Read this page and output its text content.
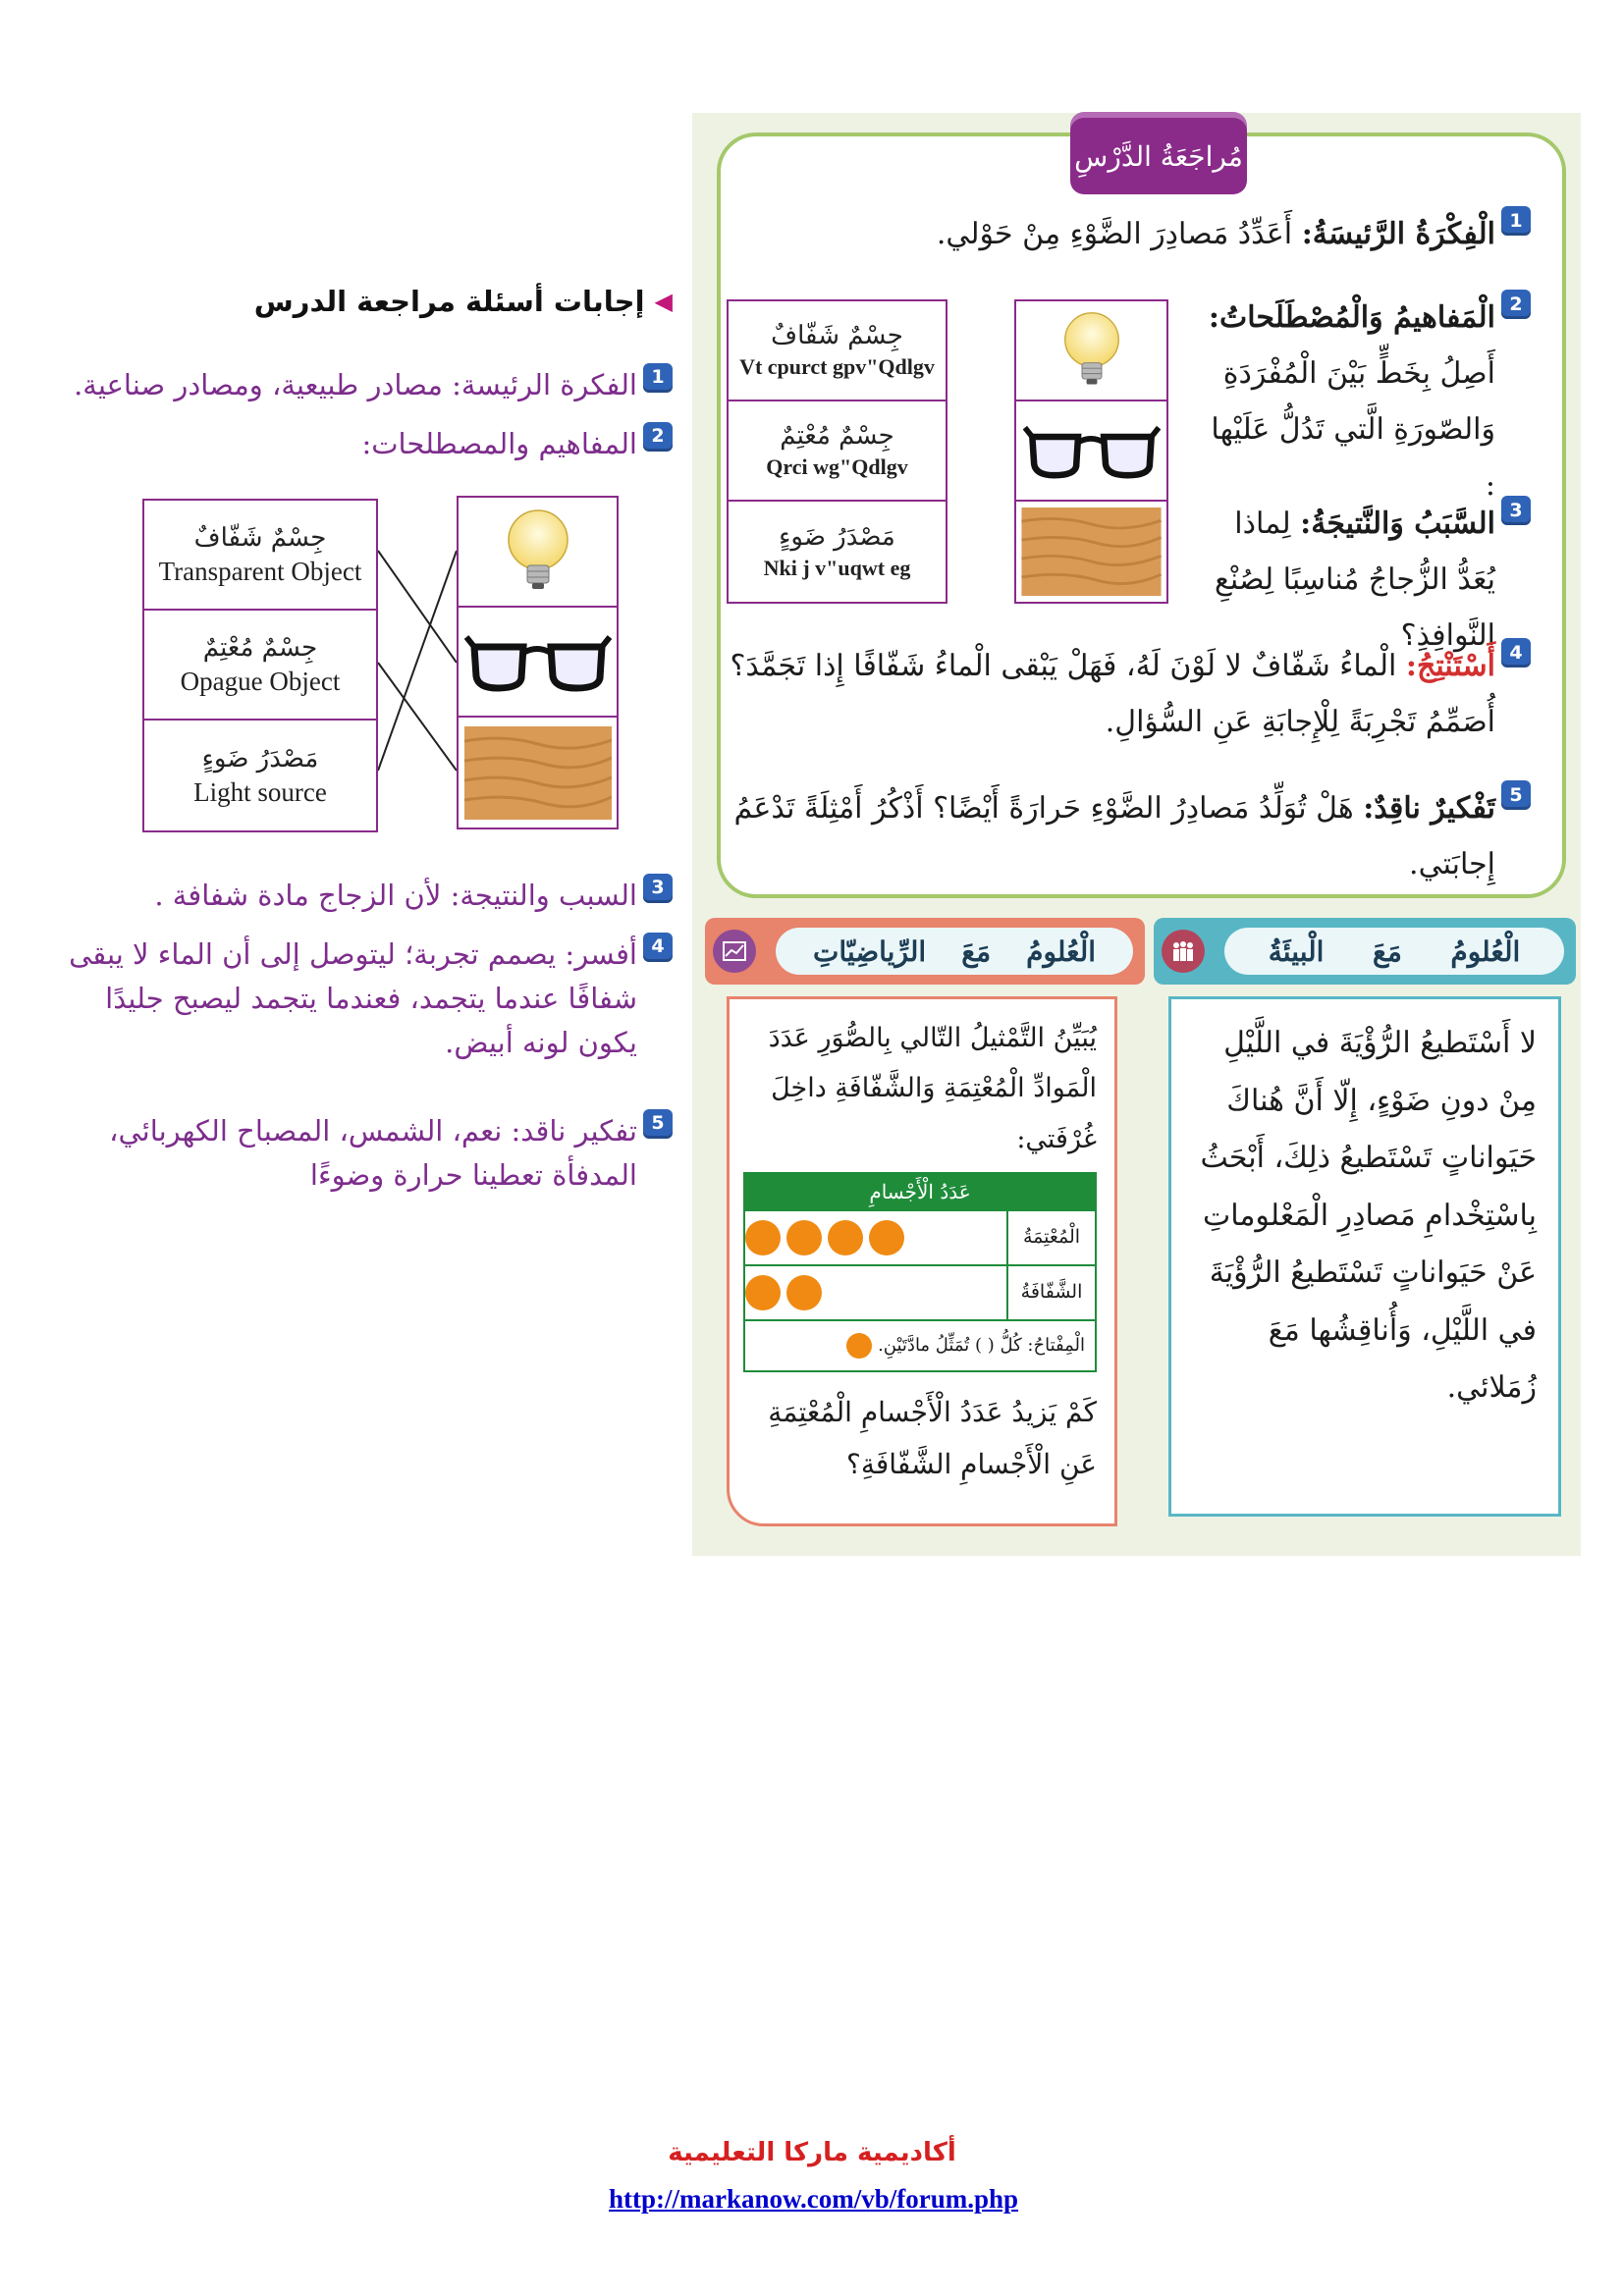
◀
إجابات أسئلة مراجعة الدرس
1
الفكرة الرئيسة: مصادر طبيعية، ومصادر صناعية.
2
المفاهيم والمصطلحات:
3
السبب والنتيجة: لأن الزجاج مادة شفافة .
4
أفسر: يصمم تجربة؛ ليتوصل إلى أن الماء لا يبقى شفافًا عندما يتجمد، فعندما يتجمد ليصبح جليدًا يكون لونه أبيض.
5
تفكير ناقد: نعم، الشمس، المصباح الكهربائي، المدفأة تعطينا حرارة وضوءًا
جِسْمٌ شَفّافٌ
Transparent Object
جِسْمٌ مُعْتِمٌ
Opague Object
مَصْدَرُ ضَوءٍ
Light source
مُراجَعَةُ الدَّرْسِ
1
الْفِكْرَةُ الرَّئيسَةُ: أَعَدِّدُ مَصادِرَ الضَّوْءِ مِنْ حَوْلي.
2
الْمَفاهيمُ وَالْمُصْطَلَحاتُ: أَصِلُ بِخَطٍّ بَيْنَ الْمُفْرَدَةِ وَالصّورَةِ الَّتي تَدُلُّ عَلَيْها :
3
السَّبَبُ وَالنَّتيجَةُ: لِماذا يُعَدُّ الزُّجاجُ مُناسِبًا لِصُنْعِ النَّوافِذِ؟ 4
أَسْتَنْتِجُ: الْماءُ شَفّافٌ لا لَوْنَ لَهُ، فَهَلْ يَبْقى الْماءُ شَفّافًا إِذا تَجَمَّدَ؟ أُصَمِّمُ تَجْرِبَةً لِلْإِجابَةِ عَنِ السُّؤالِ.
5
تَفْكيرٌ ناقِدٌ: هَلْ تُوَلِّدُ مَصادِرُ الضَّوْءِ حَرارَةً أَيْضًا؟ أَذْكُرُ أَمْثِلَةً تَدْعَمُ إِجابَتي.
جِسْمٌ شَفّافٌ
Vt cpurct gpv"Qdlgv
جِسْمٌ مُعْتِمٌ
Qrci wg"Qdlgv
مَصْدَرُ ضَوءٍ
Nki j v"uqwt eg
الْعُلومُ
مَعَ
الْبيئَةُ
الْعُلومُ
مَعَ
الرِّياضِيّاتِ
لا أَسْتَطيعُ الرُّؤْيَةَ في اللَّيْلِ مِنْ دونِ ضَوْءٍ، إِلّا أَنَّ هُناكَ حَيَواناتٍ تَسْتَطيعُ ذلِكَ، أَبْحَثُ بِاسْتِخْدامِ مَصادِرِ الْمَعْلوماتِ عَنْ حَيَواناتٍ تَسْتَطيعُ الرُّؤْيَةَ في اللَّيْلِ، وَأُناقِشُها مَعَ زُمَلائي.
يُبَيِّنُ التَّمْثيلُ التّالي بِالصُّوَرِ عَدَدَ الْمَوادِّ الْمُعْتِمَةِ وَالشَّفّافَةِ داخِلَ غُرْفَتي:
عَدَدُ الْأَجْسامِ
الْمُعْتِمَةُ
الشَّفّافَةُ
الْمِفْتاحُ: كُلُّ ( ) تُمَثِّلُ مادَّتَيْنِ.
كَمْ يَزيدُ عَدَدُ الْأَجْسامِ الْمُعْتِمَةِ عَنِ الْأَجْسامِ الشَّفّافَةِ؟
أكاديمية ماركا التعليمية
http://markanow.com/vb/forum.php
